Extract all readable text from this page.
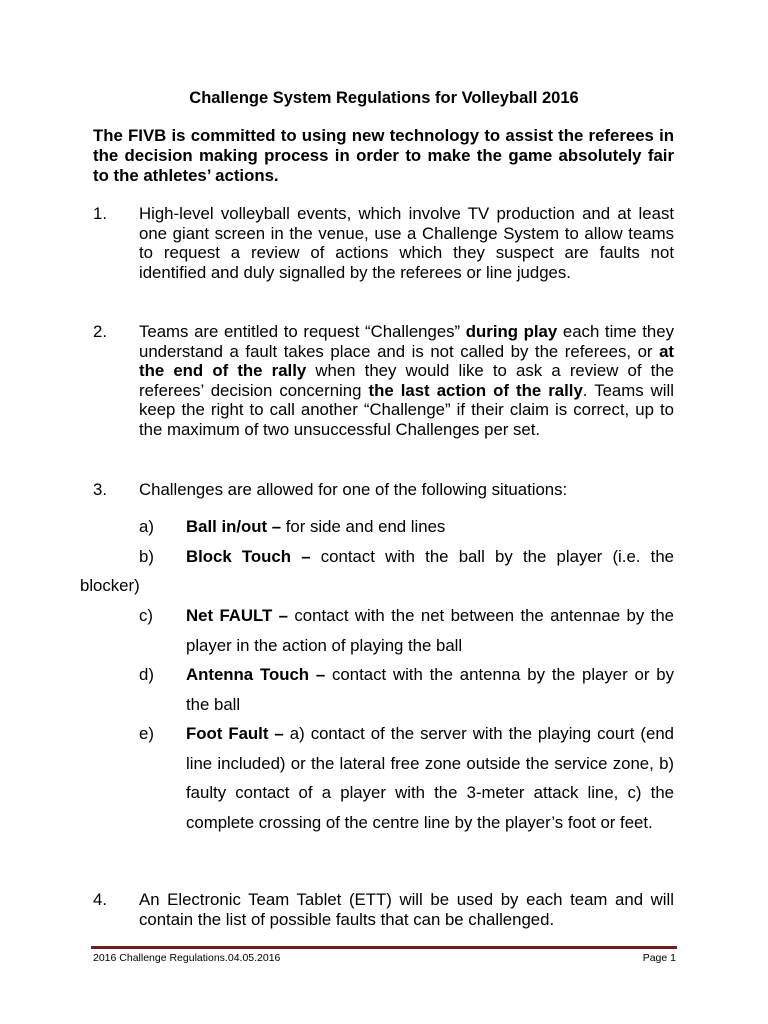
Challenge System Regulations for Volleyball 2016
The FIVB is committed to using new technology to assist the referees in the decision making process in order to make the game absolutely fair to the athletes’ actions.
1. High-level volleyball events, which involve TV production and at least one giant screen in the venue, use a Challenge System to allow teams to request a review of actions which they suspect are faults not identified and duly signalled by the referees or line judges.
2. Teams are entitled to request “Challenges” during play each time they understand a fault takes place and is not called by the referees, or at the end of the rally when they would like to ask a review of the referees’ decision concerning the last action of the rally. Teams will keep the right to call another “Challenge” if their claim is correct, up to the maximum of two unsuccessful Challenges per set.
3. Challenges are allowed for one of the following situations:
a) Ball in/out – for side and end lines
b) Block Touch – contact with the ball by the player (i.e. the
blocker)
c) Net FAULT – contact with the net between the antennae by the player in the action of playing the ball
d) Antenna Touch – contact with the antenna by the player or by the ball
e) Foot Fault – a) contact of the server with the playing court (end line included) or the lateral free zone outside the service zone, b) faulty contact of a player with the 3-meter attack line, c) the complete crossing of the centre line by the player’s foot or feet.
4. An Electronic Team Tablet (ETT) will be used by each team and will contain the list of possible faults that can be challenged.
2016 Challenge Regulations.04.05.2016	Page 1
